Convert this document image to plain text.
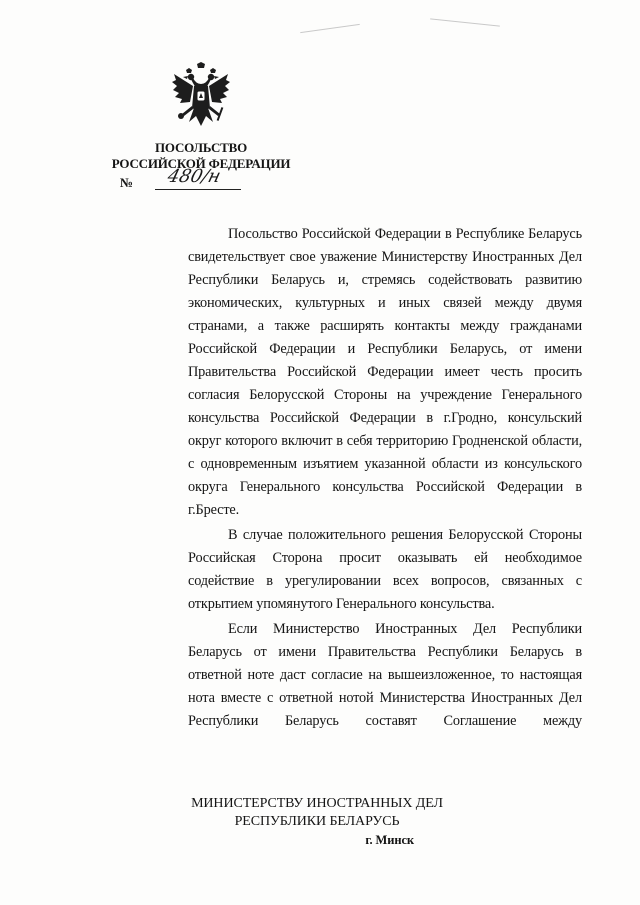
ПОСОЛЬСТВО
РОССИЙСКОЙ ФЕДЕРАЦИИ
№ 480/н

Посольство Российской Федерации в Республике Беларусь свидетельствует свое уважение Министерству Иностранных Дел Республики Беларусь и, стремясь содействовать развитию экономических, культурных и иных связей между двумя странами, а также расширять контакты между гражданами Российской Федерации и Республики Беларусь, от имени Правительства Российской Федерации имеет честь просить согласия Белорусской Стороны на учреждение Генерального консульства Российской Федерации в г.Гродно, консульский округ которого включит в себя территорию Гродненской области, с одновременным изъятием указанной области из консульского округа Генерального консульства Российской Федерации в г.Бресте.

В случае положительного решения Белорусской Стороны Российская Сторона просит оказывать ей необходимое содействие в урегулировании всех вопросов, связанных с открытием упомянутого Генерального консульства.

Если Министерство Иностранных Дел Республики Беларусь от имени Правительства Республики Беларусь в ответной ноте даст согласие на вышеизложенное, то настоящая нота вместе с ответной нотой Министерства Иностранных Дел Республики Беларусь составят Соглашение между

МИНИСТЕРСТВУ ИНОСТРАННЫХ ДЕЛ
РЕСПУБЛИКИ БЕЛАРУСЬ
г. Минск
